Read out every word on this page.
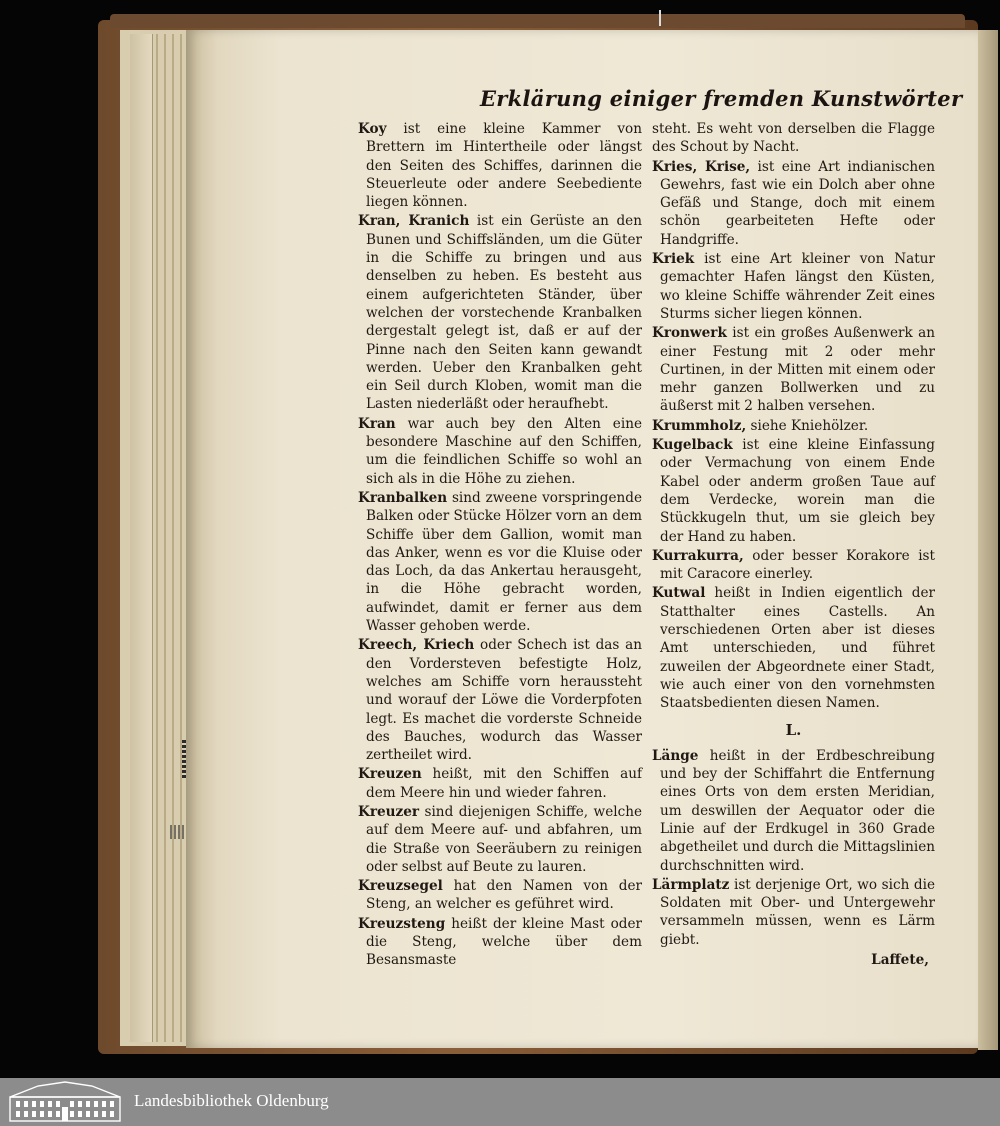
Erklärung einiger fremden Kunstwörter
Koy ist eine kleine Kammer von Brettern im Hintertheile oder längst den Seiten des Schiffes, darinnen die Steuerleute oder andere Seebediente liegen können.
Kran, Kranich ist ein Gerüste an den Bunen und Schiffsländen, um die Güter in die Schiffe zu bringen und aus denselben zu heben. Es besteht aus einem aufgerichteten Ständer, über welchen der vorstechende Kranbalken dergestalt gelegt ist, daß er auf der Pinne nach den Seiten kann gewandt werden. Ueber den Kranbalken geht ein Seil durch Kloben, womit man die Lasten niederläßt oder heraufhebt.
Kran war auch bey den Alten eine besondere Maschine auf den Schiffen, um die feindlichen Schiffe so wohl an sich als in die Höhe zu ziehen.
Kranbalken sind zweene vorspringende Balken oder Stücke Hölzer vorn an dem Schiffe über dem Gallion, womit man das Anker, wenn es vor die Kluise oder das Loch, da das Ankertau herausgeht, in die Höhe gebracht worden, aufwindet, damit er ferner aus dem Wasser gehoben werde.
Kreech, Kriech oder Schech ist das an den Vordersteven befestigte Holz, welches am Schiffe vorn heraussteht und worauf der Löwe die Vorderpfoten legt. Es machet die vorderste Schneide des Bauches, wodurch das Wasser zertheilet wird.
Kreuzen heißt, mit den Schiffen auf dem Meere hin und wieder fahren.
Kreuzer sind diejenigen Schiffe, welche auf dem Meere auf- und abfahren, um die Straße von Seeräubern zu reinigen oder selbst auf Beute zu lauren.
Kreuzsegel hat den Namen von der Steng, an welcher es geführet wird.
Kreuzsteng heißt der kleine Mast oder die Steng, welche über dem Besansmaste
steht. Es weht von derselben die Flagge des Schout by Nacht.
Kries, Krise, ist eine Art indianischen Gewehrs, fast wie ein Dolch aber ohne Gefäß und Stange, doch mit einem schön gearbeiteten Hefte oder Handgriffe.
Kriek ist eine Art kleiner von Natur gemachter Hafen längst den Küsten, wo kleine Schiffe währender Zeit eines Sturms sicher liegen können.
Kronwerk ist ein großes Außenwerk an einer Festung mit 2 oder mehr Curtinen, in der Mitten mit einem oder mehr ganzen Bollwerken und zu äußerst mit 2 halben versehen.
Krummholz, siehe Kniehölzer.
Kugelback ist eine kleine Einfassung oder Vermachung von einem Ende Kabel oder anderm großen Taue auf dem Verdecke, worein man die Stückkugeln thut, um sie gleich bey der Hand zu haben.
Kurrakurra, oder besser Korakore ist mit Caracore einerley.
Kutwal heißt in Indien eigentlich der Statthalter eines Castells. An verschiedenen Orten aber ist dieses Amt unterschieden, und führet zuweilen der Abgeordnete einer Stadt, wie auch einer von den vornehmsten Staatsbedienten diesen Namen.
L.
Länge heißt in der Erdbeschreibung und bey der Schiffahrt die Entfernung eines Orts von dem ersten Meridian, um deswillen der Aequator oder die Linie auf der Erdkugel in 360 Grade abgetheilet und durch die Mittagslinien durchschnitten wird.
Lärmplatz ist derjenige Ort, wo sich die Soldaten mit Ober- und Untergewehr versammeln müssen, wenn es Lärm giebt.
Laffete,
Landesbibliothek Oldenburg
